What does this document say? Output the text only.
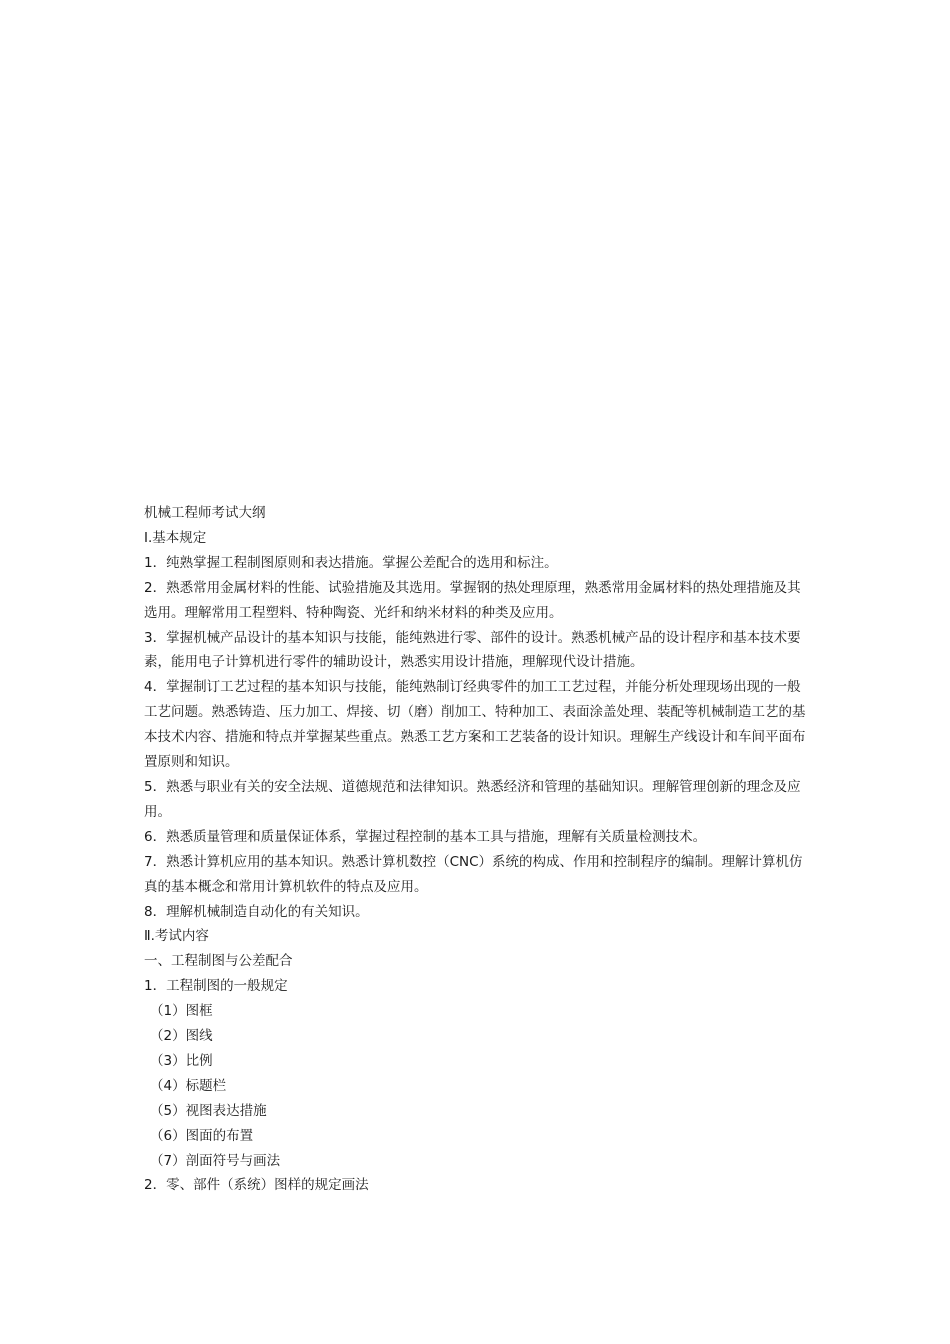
机械工程师考试大纲

Ⅰ.基本规定

1．纯熟掌握工程制图原则和表达措施。掌握公差配合的选用和标注。

2．熟悉常用金属材料的性能、试验措施及其选用。掌握钢的热处理原理，熟悉常用金属材料的热处理措施及其选用。理解常用工程塑料、特种陶瓷、光纤和纳米材料的种类及应用。

3．掌握机械产品设计的基本知识与技能，能纯熟进行零、部件的设计。熟悉机械产品的设计程序和基本技术要素，能用电子计算机进行零件的辅助设计，熟悉实用设计措施，理解现代设计措施。

4．掌握制订工艺过程的基本知识与技能，能纯熟制订经典零件的加工工艺过程，并能分析处理现场出现的一般工艺问题。熟悉铸造、压力加工、焊接、切（磨）削加工、特种加工、表面涂盖处理、装配等机械制造工艺的基本技术内容、措施和特点并掌握某些重点。熟悉工艺方案和工艺装备的设计知识。理解生产线设计和车间平面布置原则和知识。

5．熟悉与职业有关的安全法规、道德规范和法律知识。熟悉经济和管理的基础知识。理解管理创新的理念及应用。

6．熟悉质量管理和质量保证体系，掌握过程控制的基本工具与措施，理解有关质量检测技术。

7．熟悉计算机应用的基本知识。熟悉计算机数控（CNC）系统的构成、作用和控制程序的编制。理解计算机仿真的基本概念和常用计算机软件的特点及应用。

8．理解机械制造自动化的有关知识。

Ⅱ.考试内容

一、工程制图与公差配合

1．工程制图的一般规定

（1）图框

（2）图线

（3）比例

（4）标题栏

（5）视图表达措施

（6）图面的布置

（7）剖面符号与画法

2．零、部件（系统）图样的规定画法
